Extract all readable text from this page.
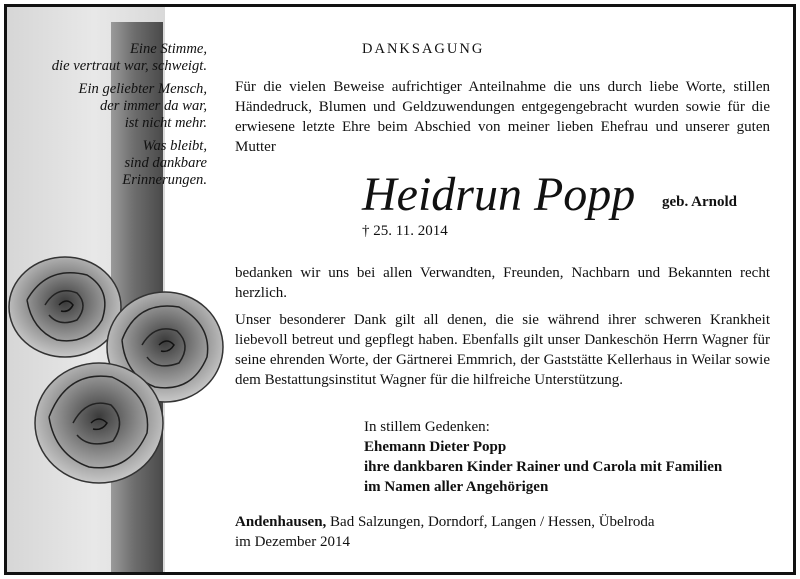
Eine Stimme,
die vertraut war, schweigt.

Ein geliebter Mensch,
der immer da war,
ist nicht mehr.

Was bleibt,
sind dankbare
Erinnerungen.

DANKSAGUNG

Für die vielen Beweise aufrichtiger Anteilnahme die uns durch liebe Worte, stillen Händedruck, Blumen und Geldzuwendungen entgegengebracht wurden sowie für die erwiesene letzte Ehre beim Abschied von meiner lieben Ehefrau und unserer guten Mutter

Heidrun Popp geb. Arnold
† 25. 11. 2014

bedanken wir uns bei allen Verwandten, Freunden, Nachbarn und Bekannten recht herzlich.

Unser besonderer Dank gilt all denen, die sie während ihrer schweren Krankheit liebevoll betreut und gepflegt haben. Ebenfalls gilt unser Dankeschön Herrn Wagner für seine ehrenden Worte, der Gärtnerei Emmrich, der Gaststätte Kellerhaus in Weilar sowie dem Bestattungsinstitut Wagner für die hilfreiche Unterstützung.

In stillem Gedenken:
Ehemann Dieter Popp
ihre dankbaren Kinder Rainer und Carola mit Familien
im Namen aller Angehörigen
Andenhausen, Bad Salzungen, Dorndorf, Langen / Hessen, Übelroda
im Dezember 2014
